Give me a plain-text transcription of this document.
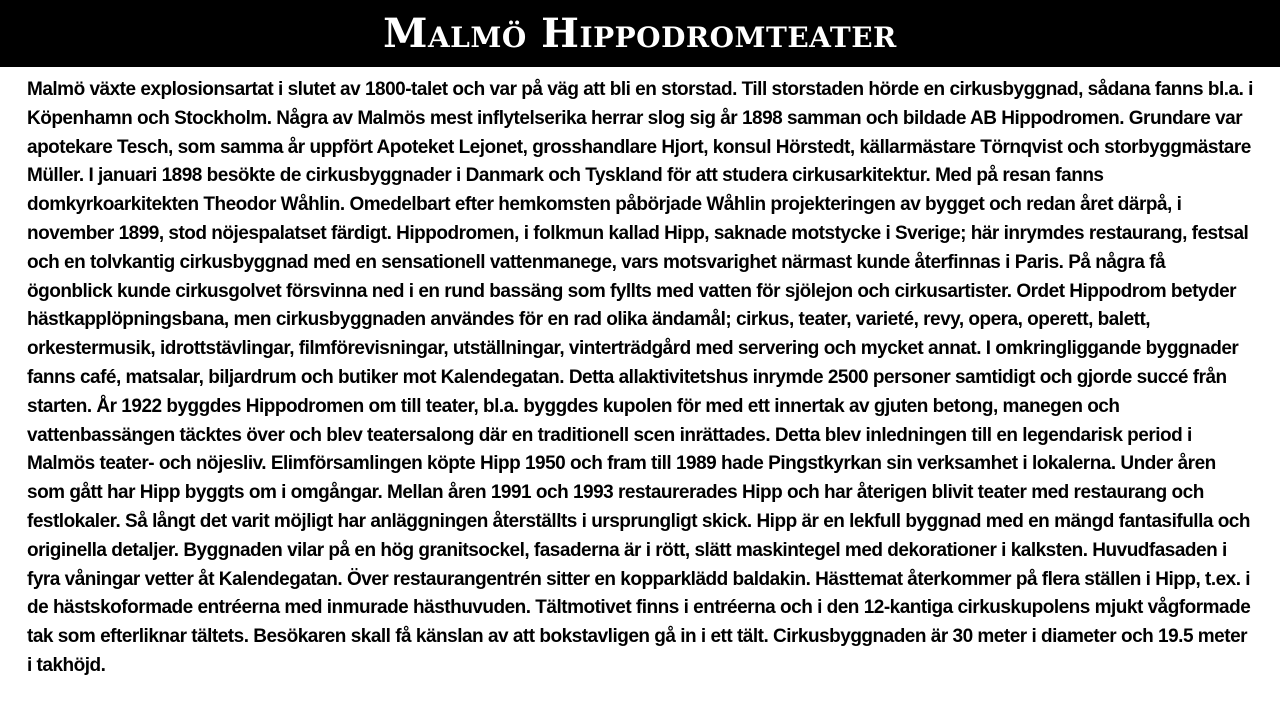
Malmö Hippodromteater

Malmö växte explosionsartat i slutet av 1800-talet och var på väg att bli en storstad. Till storstaden hörde en cirkusbyggnad, sådana fanns bl.a. i Köpenhamn och Stockholm. Några av Malmös mest inflytelserika herrar slog sig år 1898 samman och bildade AB Hippodromen. Grundare var apotekare Tesch, som samma år uppfört Apoteket Lejonet, grosshandlare Hjort, konsul Hörstedt, källarmästare Törnqvist och storbyggmästare Müller. I januari 1898 besökte de cirkusbyggnader i Danmark och Tyskland för att studera cirkusarkitektur. Med på resan fanns domkyrkoarkitekten Theodor Wåhlin. Omedelbart efter hemkomsten påbörjade Wåhlin projekteringen av bygget och redan året därpå, i november 1899, stod nöjespalatset färdigt. Hippodromen, i folkmun kallad Hipp, saknade motstycke i Sverige; här inrymdes restaurang, festsal och en tolvkantig cirkusbyggnad med en sensationell vattenmanege, vars motsvarighet närmast kunde återfinnas i Paris. På några få ögonblick kunde cirkusgolvet försvinna ned i en rund bassäng som fyllts med vatten för sjölejon och cirkusartister. Ordet Hippodrom betyder hästkapplöpningsbana, men cirkusbyggnaden användes för en rad olika ändamål; cirkus, teater, varieté, revy, opera, operett, balett, orkestermusik, idrottstävlingar, filmförevisningar, utställningar, vinterträdgård med servering och mycket annat. I omkringliggande byggnader fanns café, matsalar, biljardrum och butiker mot Kalendegatan. Detta allaktivitetshus inrymde 2500 personer samtidigt och gjorde succé från starten. År 1922 byggdes Hippodromen om till teater, bl.a. byggdes kupolen för med ett innertak av gjuten betong, manegen och vattenbassängen täcktes över och blev teatersalong där en traditionell scen inrättades. Detta blev inledningen till en legendarisk period i Malmös teater- och nöjesliv. Elimförsamlingen köpte Hipp 1950 och fram till 1989 hade Pingstkyrkan sin verksamhet i lokalerna. Under åren som gått har Hipp byggts om i omgångar. Mellan åren 1991 och 1993 restaurerades Hipp och har återigen blivit teater med restaurang och festlokaler. Så långt det varit möjligt har anläggningen återställts i ursprungligt skick. Hipp är en lekfull byggnad med en mängd fantasifulla och originella detaljer. Byggnaden vilar på en hög granitsockel, fasaderna är i rött, slätt maskintegel med dekorationer i kalksten. Huvudfasaden i fyra våningar vetter åt Kalendegatan. Över restaurangentrén sitter en kopparklädd baldakin. Hästtemat återkommer på flera ställen i Hipp, t.ex. i de hästskoformade entréerna med inmurade hästhuvuden. Tältmotivet finns i entréerna och i den 12-kantiga cirkuskupolens mjukt vågformade tak som efterliknar tältets. Besökaren skall få känslan av att bokstavligen gå in i ett tält. Cirkusbyggnaden är 30 meter i diameter och 19.5 meter i takhöjd.
